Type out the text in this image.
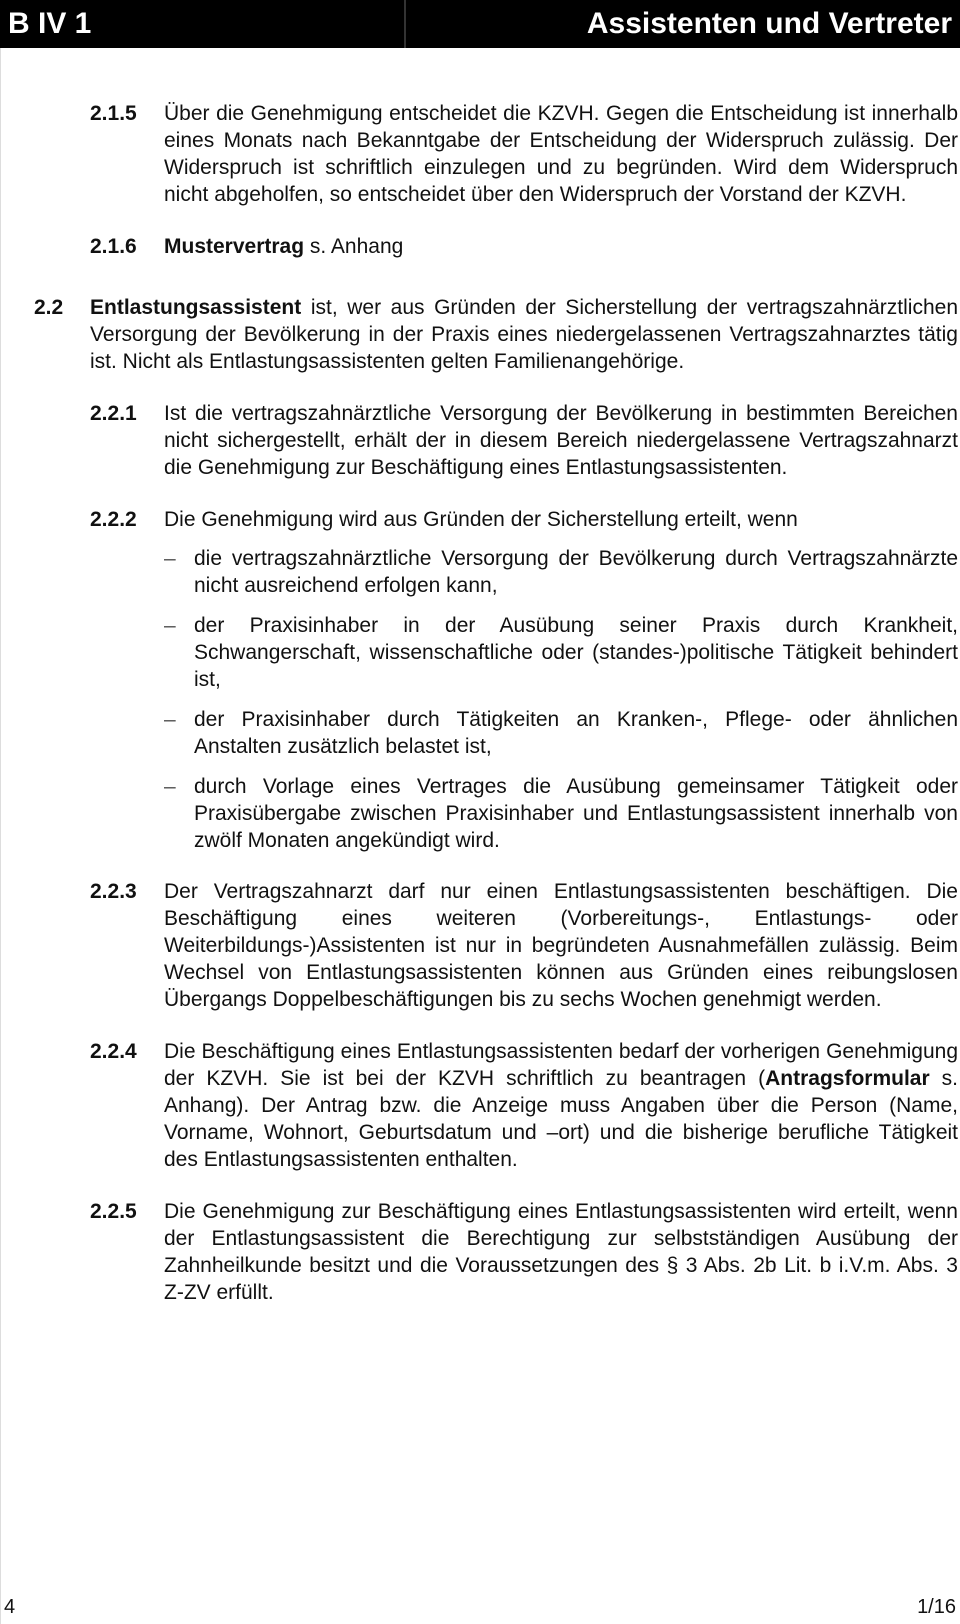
B IV 1	Assistenten und Vertreter
2.1.5 Über die Genehmigung entscheidet die KZVH. Gegen die Entscheidung ist innerhalb eines Monats nach Bekanntgabe der Entscheidung der Widerspruch zulässig. Der Widerspruch ist schriftlich einzulegen und zu begründen. Wird dem Widerspruch nicht abgeholfen, so entscheidet über den Widerspruch der Vorstand der KZVH.
2.1.6 Mustervertrag s. Anhang
2.2 Entlastungsassistent ist, wer aus Gründen der Sicherstellung der vertragszahnärztlichen Versorgung der Bevölkerung in der Praxis eines niedergelassenen Vertragszahnarztes tätig ist. Nicht als Entlastungsassistenten gelten Familienangehörige.
2.2.1 Ist die vertragszahnärztliche Versorgung der Bevölkerung in bestimmten Bereichen nicht sichergestellt, erhält der in diesem Bereich niedergelassene Vertragszahnarzt die Genehmigung zur Beschäftigung eines Entlastungsassistenten.
2.2.2 Die Genehmigung wird aus Gründen der Sicherstellung erteilt, wenn
– die vertragszahnärztliche Versorgung der Bevölkerung durch Vertragszahnärzte nicht ausreichend erfolgen kann,
– der Praxisinhaber in der Ausübung seiner Praxis durch Krankheit, Schwangerschaft, wissenschaftliche oder (standes-)politische Tätigkeit behindert ist,
– der Praxisinhaber durch Tätigkeiten an Kranken-, Pflege- oder ähnlichen Anstalten zusätzlich belastet ist,
– durch Vorlage eines Vertrages die Ausübung gemeinsamer Tätigkeit oder Praxisübergabe zwischen Praxisinhaber und Entlastungsassistent innerhalb von zwölf Monaten angekündigt wird.
2.2.3 Der Vertragszahnarzt darf nur einen Entlastungsassistenten beschäftigen. Die Beschäftigung eines weiteren (Vorbereitungs-, Entlastungs- oder Weiterbildungs-)Assistenten ist nur in begründeten Ausnahmefällen zulässig. Beim Wechsel von Entlastungsassistenten können aus Gründen eines reibungslosen Übergangs Doppelbeschäftigungen bis zu sechs Wochen genehmigt werden.
2.2.4 Die Beschäftigung eines Entlastungsassistenten bedarf der vorherigen Genehmigung der KZVH. Sie ist bei der KZVH schriftlich zu beantragen (Antragsformular s. Anhang). Der Antrag bzw. die Anzeige muss Angaben über die Person (Name, Vorname, Wohnort, Geburtsdatum und –ort) und die bisherige berufliche Tätigkeit des Entlastungsassistenten enthalten.
2.2.5 Die Genehmigung zur Beschäftigung eines Entlastungsassistenten wird erteilt, wenn der Entlastungsassistent die Berechtigung zur selbstständigen Ausübung der Zahnheilkunde besitzt und die Voraussetzungen des § 3 Abs. 2b Lit. b i.V.m. Abs. 3 Z-ZV erfüllt.
4	1/16
